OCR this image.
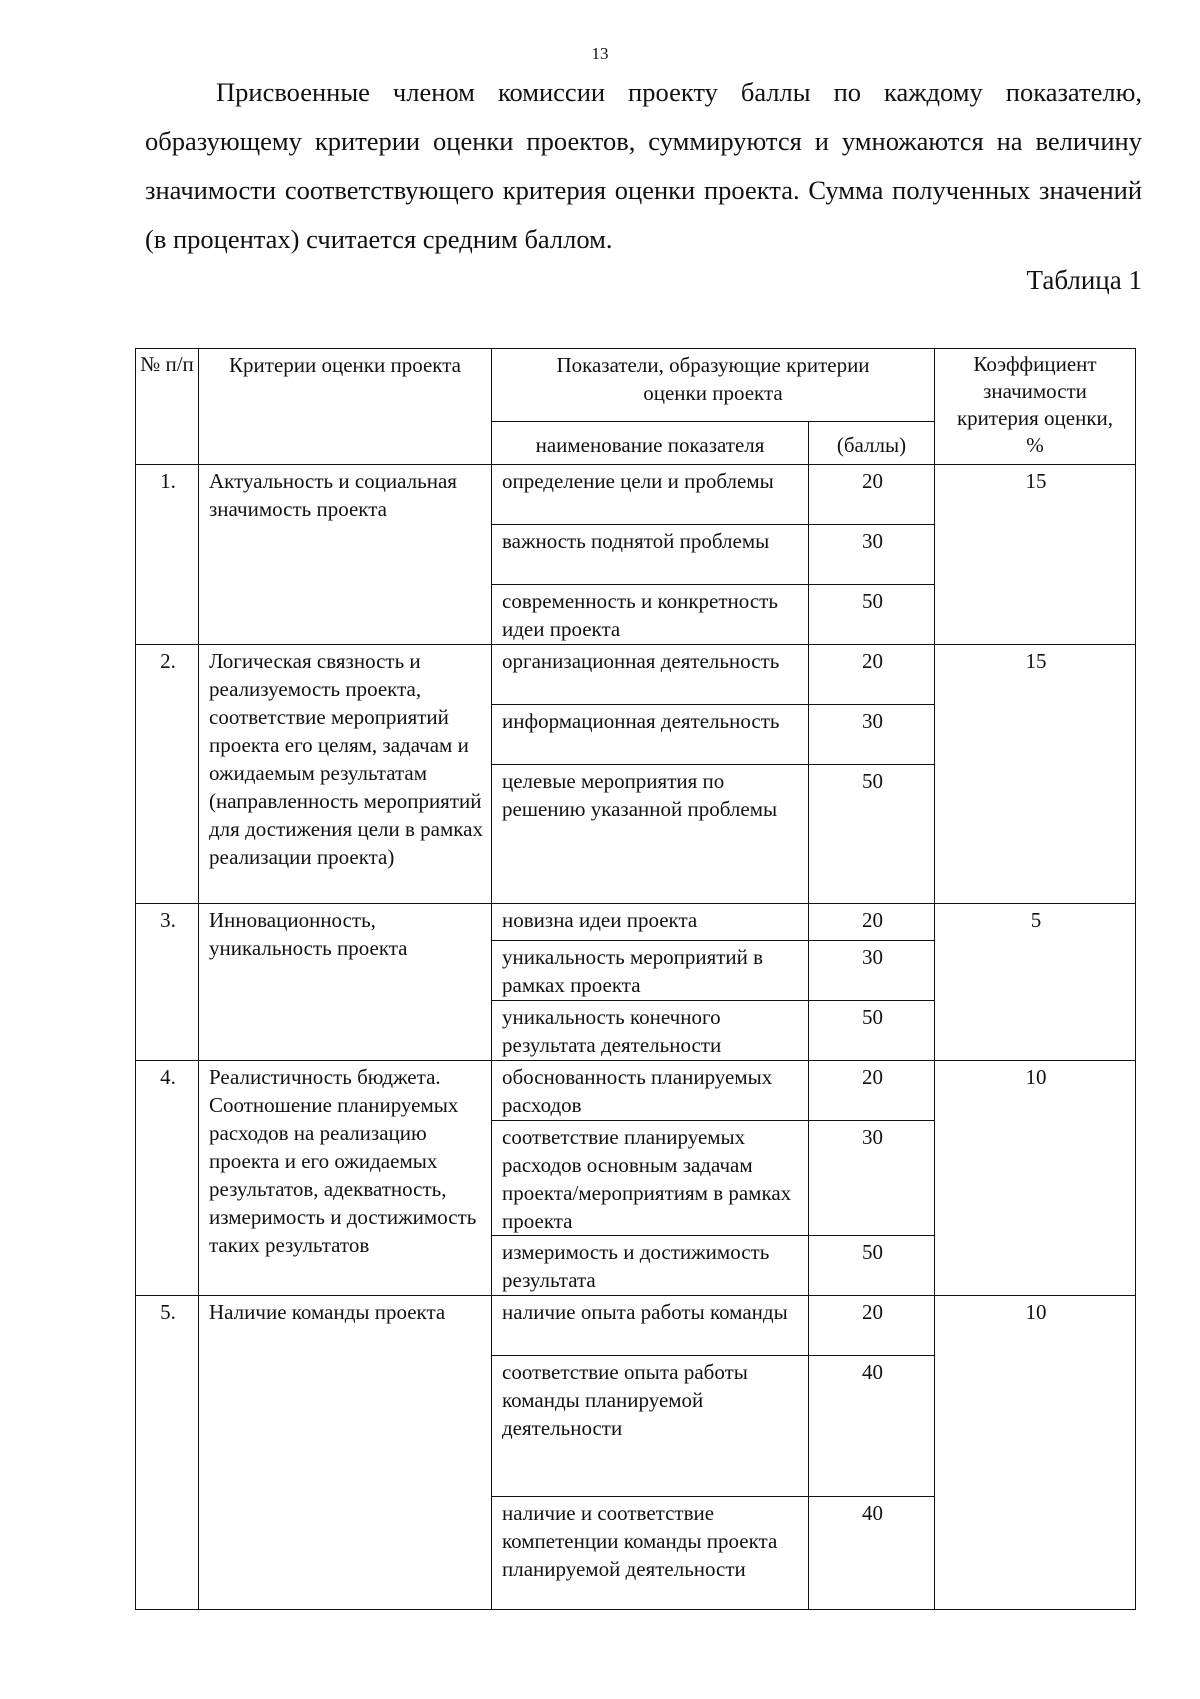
13

Присвоенные членом комиссии проекту баллы по каждому показателю, образующему критерии оценки проектов, суммируются и умножаются на величину значимости соответствующего критерия оценки проекта. Сумма полученных значений (в процентах) считается средним баллом.

Таблица 1
№ п/п	Критерии оценки проекта	Показатели, образующие критерии оценки проекта		Коэффициент значимости критерия оценки, %
		наименование показателя	(баллы)	
1.	Актуальность и социальная значимость проекта	определение цели и проблемы	20	15
		важность поднятой проблемы	30	
		современность и конкретность идеи проекта	50	
2.	Логическая связность и реализуемость проекта, соответствие мероприятий проекта его целям, задачам и ожидаемым результатам (направленность мероприятий для достижения цели в рамках реализации проекта)	организационная деятельность	20	15
		информационная деятельность	30	
		целевые мероприятия по решению указанной проблемы	50	
3.	Инновационность, уникальность проекта	новизна идеи проекта	20	5
		уникальность мероприятий в рамках проекта	30	
		уникальность конечного результата деятельности	50	
4.	Реалистичность бюджета. Соотношение планируемых расходов на реализацию проекта и его ожидаемых результатов, адекватность, измеримость и достижимость таких результатов	обоснованность планируемых расходов	20	10
		соответствие планируемых расходов основным задачам проекта/мероприятиям в рамках проекта	30	
		измеримость и достижимость результата	50	
5.	Наличие команды проекта	наличие опыта работы команды	20	10
		соответствие опыта работы команды планируемой деятельности	40	
		наличие и соответствие компетенции команды проекта планируемой деятельности	40	
